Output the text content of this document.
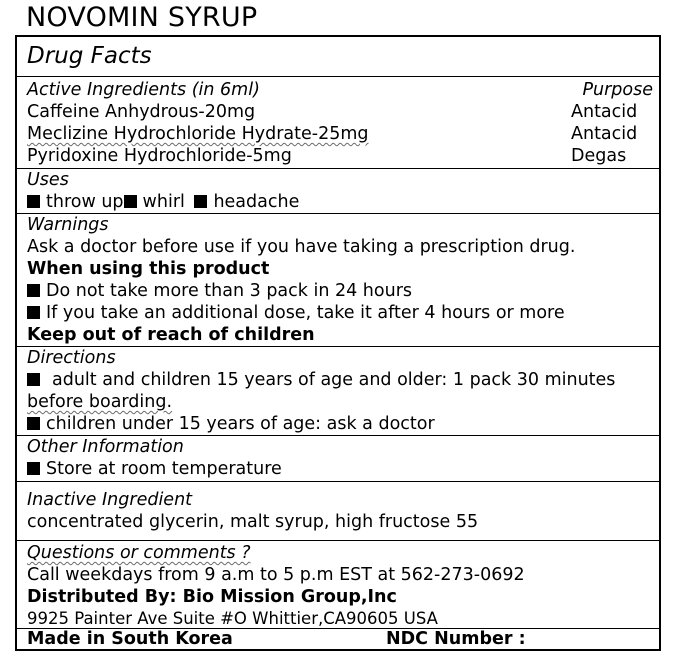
NOVOMIN SYRUP
Drug Facts
Active Ingredients (in 6ml)	Purpose
Caffeine Anhydrous-20mg	Antacid
Meclizine Hydrochloride Hydrate-25mg	Antacid
Pyridoxine Hydrochloride-5mg	Degas
Uses
throw up whirl headache
Warnings
Ask a doctor before use if you have taking a prescription drug.
When using this product
Do not take more than 3 pack in 24 hours
If you take an additional dose, take it after 4 hours or more
Keep out of reach of children
Directions
adult and children 15 years of age and older: 1 pack 30 minutes
before boarding.
children under 15 years of age: ask a doctor
Other Information
Store at room temperature
Inactive Ingredient
concentrated glycerin, malt syrup, high fructose 55
Questions or comments ?
Call weekdays from 9 a.m to 5 p.m EST at 562-273-0692
Distributed By: Bio Mission Group,Inc
9925 Painter Ave Suite #O Whittier,CA90605 USA
Made in South Korea	NDC Number :
